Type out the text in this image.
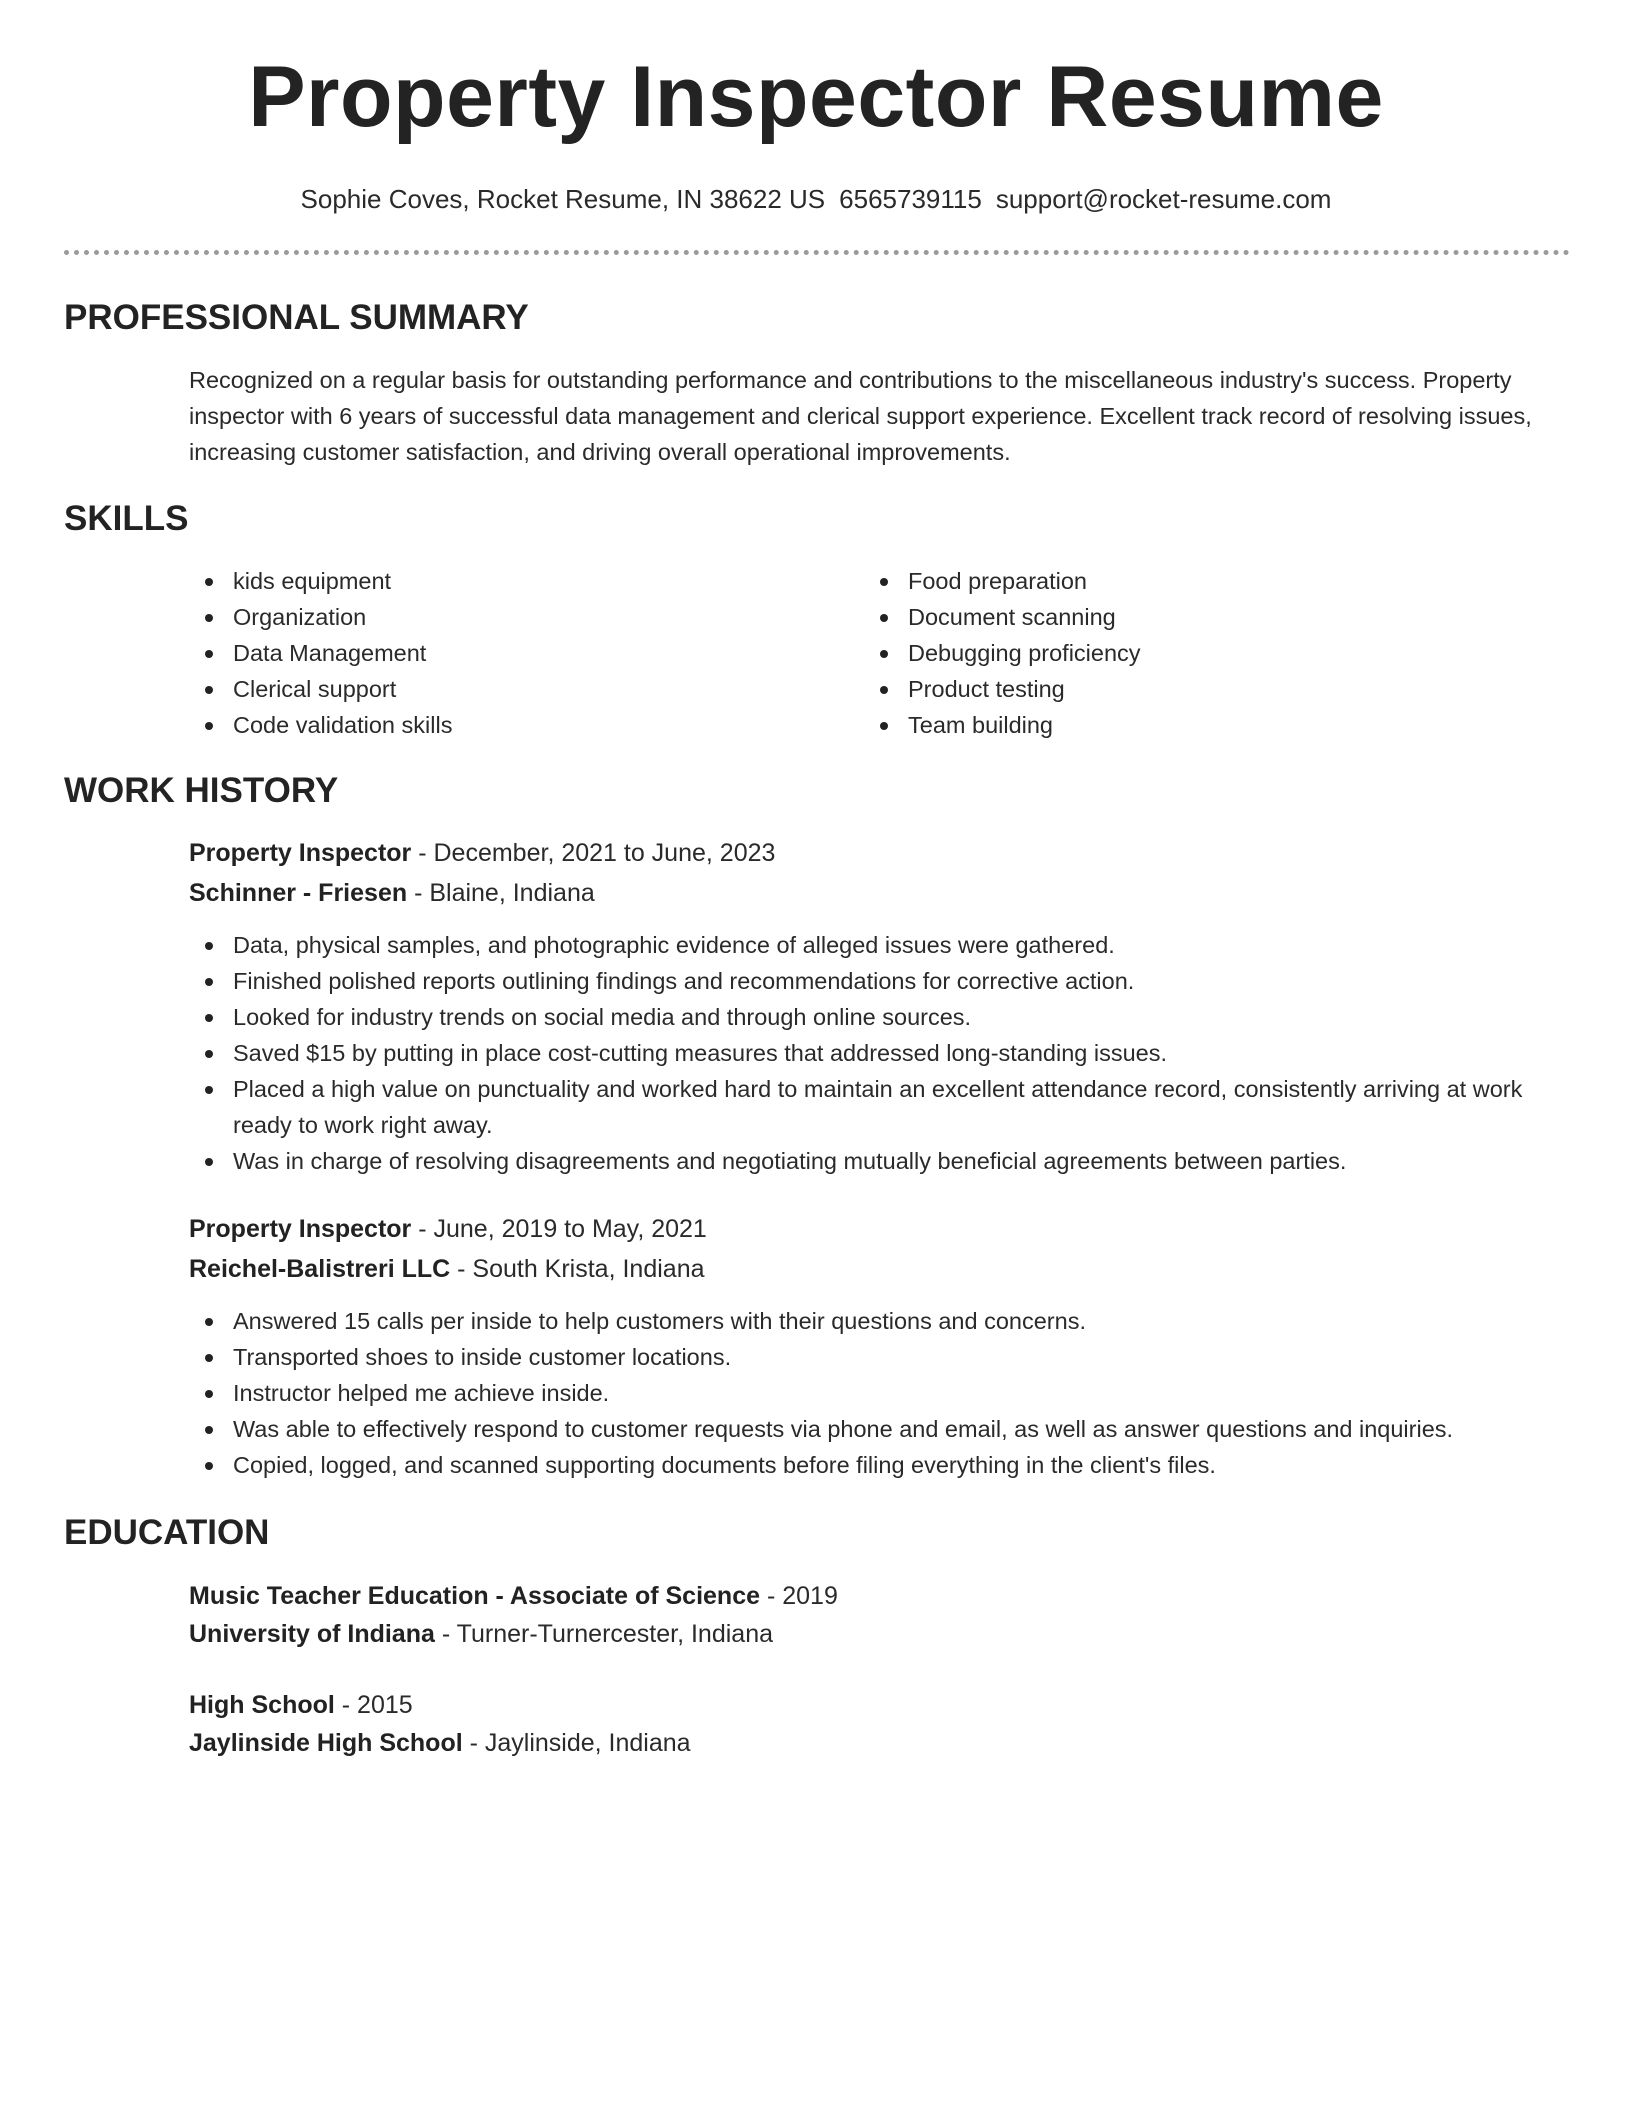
Property Inspector Resume
Sophie Coves, Rocket Resume, IN 38622 US 6565739115 support@rocket-resume.com
PROFESSIONAL SUMMARY

Recognized on a regular basis for outstanding performance and contributions to the miscellaneous industry's success. Property inspector with 6 years of successful data management and clerical support experience. Excellent track record of resolving issues, increasing customer satisfaction, and driving overall operational improvements.

SKILLS
kids equipment
Organization
Data Management
Clerical support
Code validation skills
Food preparation
Document scanning
Debugging proficiency
Product testing
Team building
WORK HISTORY
Property Inspector - December, 2021 to June, 2023
Schinner - Friesen - Blaine, Indiana
Data, physical samples, and photographic evidence of alleged issues were gathered.
Finished polished reports outlining findings and recommendations for corrective action.
Looked for industry trends on social media and through online sources.
Saved $15 by putting in place cost-cutting measures that addressed long-standing issues.
Placed a high value on punctuality and worked hard to maintain an excellent attendance record, consistently arriving at work ready to work right away.
Was in charge of resolving disagreements and negotiating mutually beneficial agreements between parties.
Property Inspector - June, 2019 to May, 2021
Reichel-Balistreri LLC - South Krista, Indiana
Answered 15 calls per inside to help customers with their questions and concerns.
Transported shoes to inside customer locations.
Instructor helped me achieve inside.
Was able to effectively respond to customer requests via phone and email, as well as answer questions and inquiries.
Copied, logged, and scanned supporting documents before filing everything in the client's files.
EDUCATION
Music Teacher Education - Associate of Science - 2019
University of Indiana - Turner-Turnercester, Indiana
High School - 2015
Jaylinside High School - Jaylinside, Indiana
